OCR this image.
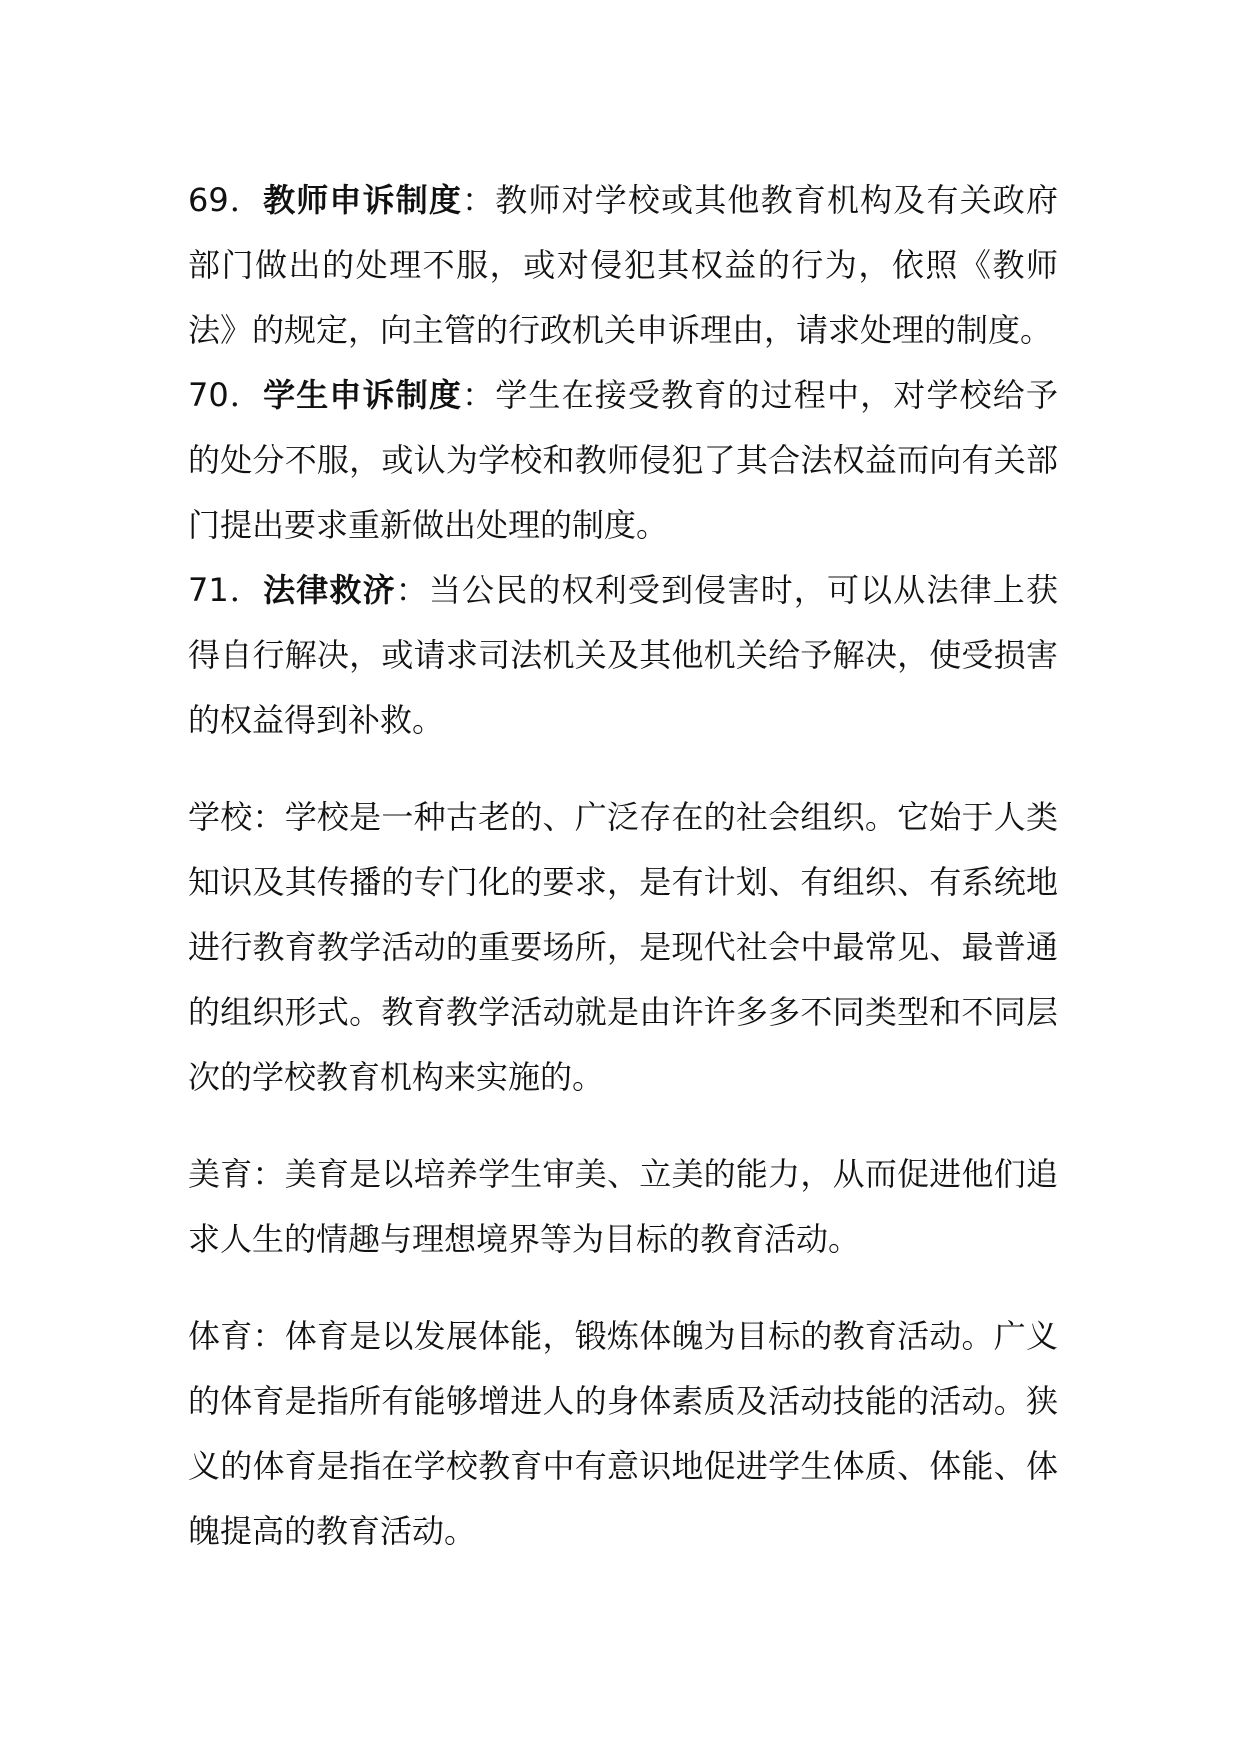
69．教师申诉制度：教师对学校或其他教育机构及有关政府部门做出的处理不服，或对侵犯其权益的行为，依照《教师法》的规定，向主管的行政机关申诉理由，请求处理的制度。

70．学生申诉制度：学生在接受教育的过程中，对学校给予的处分不服，或认为学校和教师侵犯了其合法权益而向有关部门提出要求重新做出处理的制度。

71．法律救济：当公民的权利受到侵害时，可以从法律上获得自行解决，或请求司法机关及其他机关给予解决，使受损害的权益得到补救。

学校：学校是一种古老的、广泛存在的社会组织。它始于人类知识及其传播的专门化的要求，是有计划、有组织、有系统地进行教育教学活动的重要场所，是现代社会中最常见、最普通的组织形式。教育教学活动就是由许许多多不同类型和不同层次的学校教育机构来实施的。

美育：美育是以培养学生审美、立美的能力，从而促进他们追求人生的情趣与理想境界等为目标的教育活动。

体育：体育是以发展体能，锻炼体魄为目标的教育活动。广义的体育是指所有能够增进人的身体素质及活动技能的活动。狭义的体育是指在学校教育中有意识地促进学生体质、体能、体魄提高的教育活动。
